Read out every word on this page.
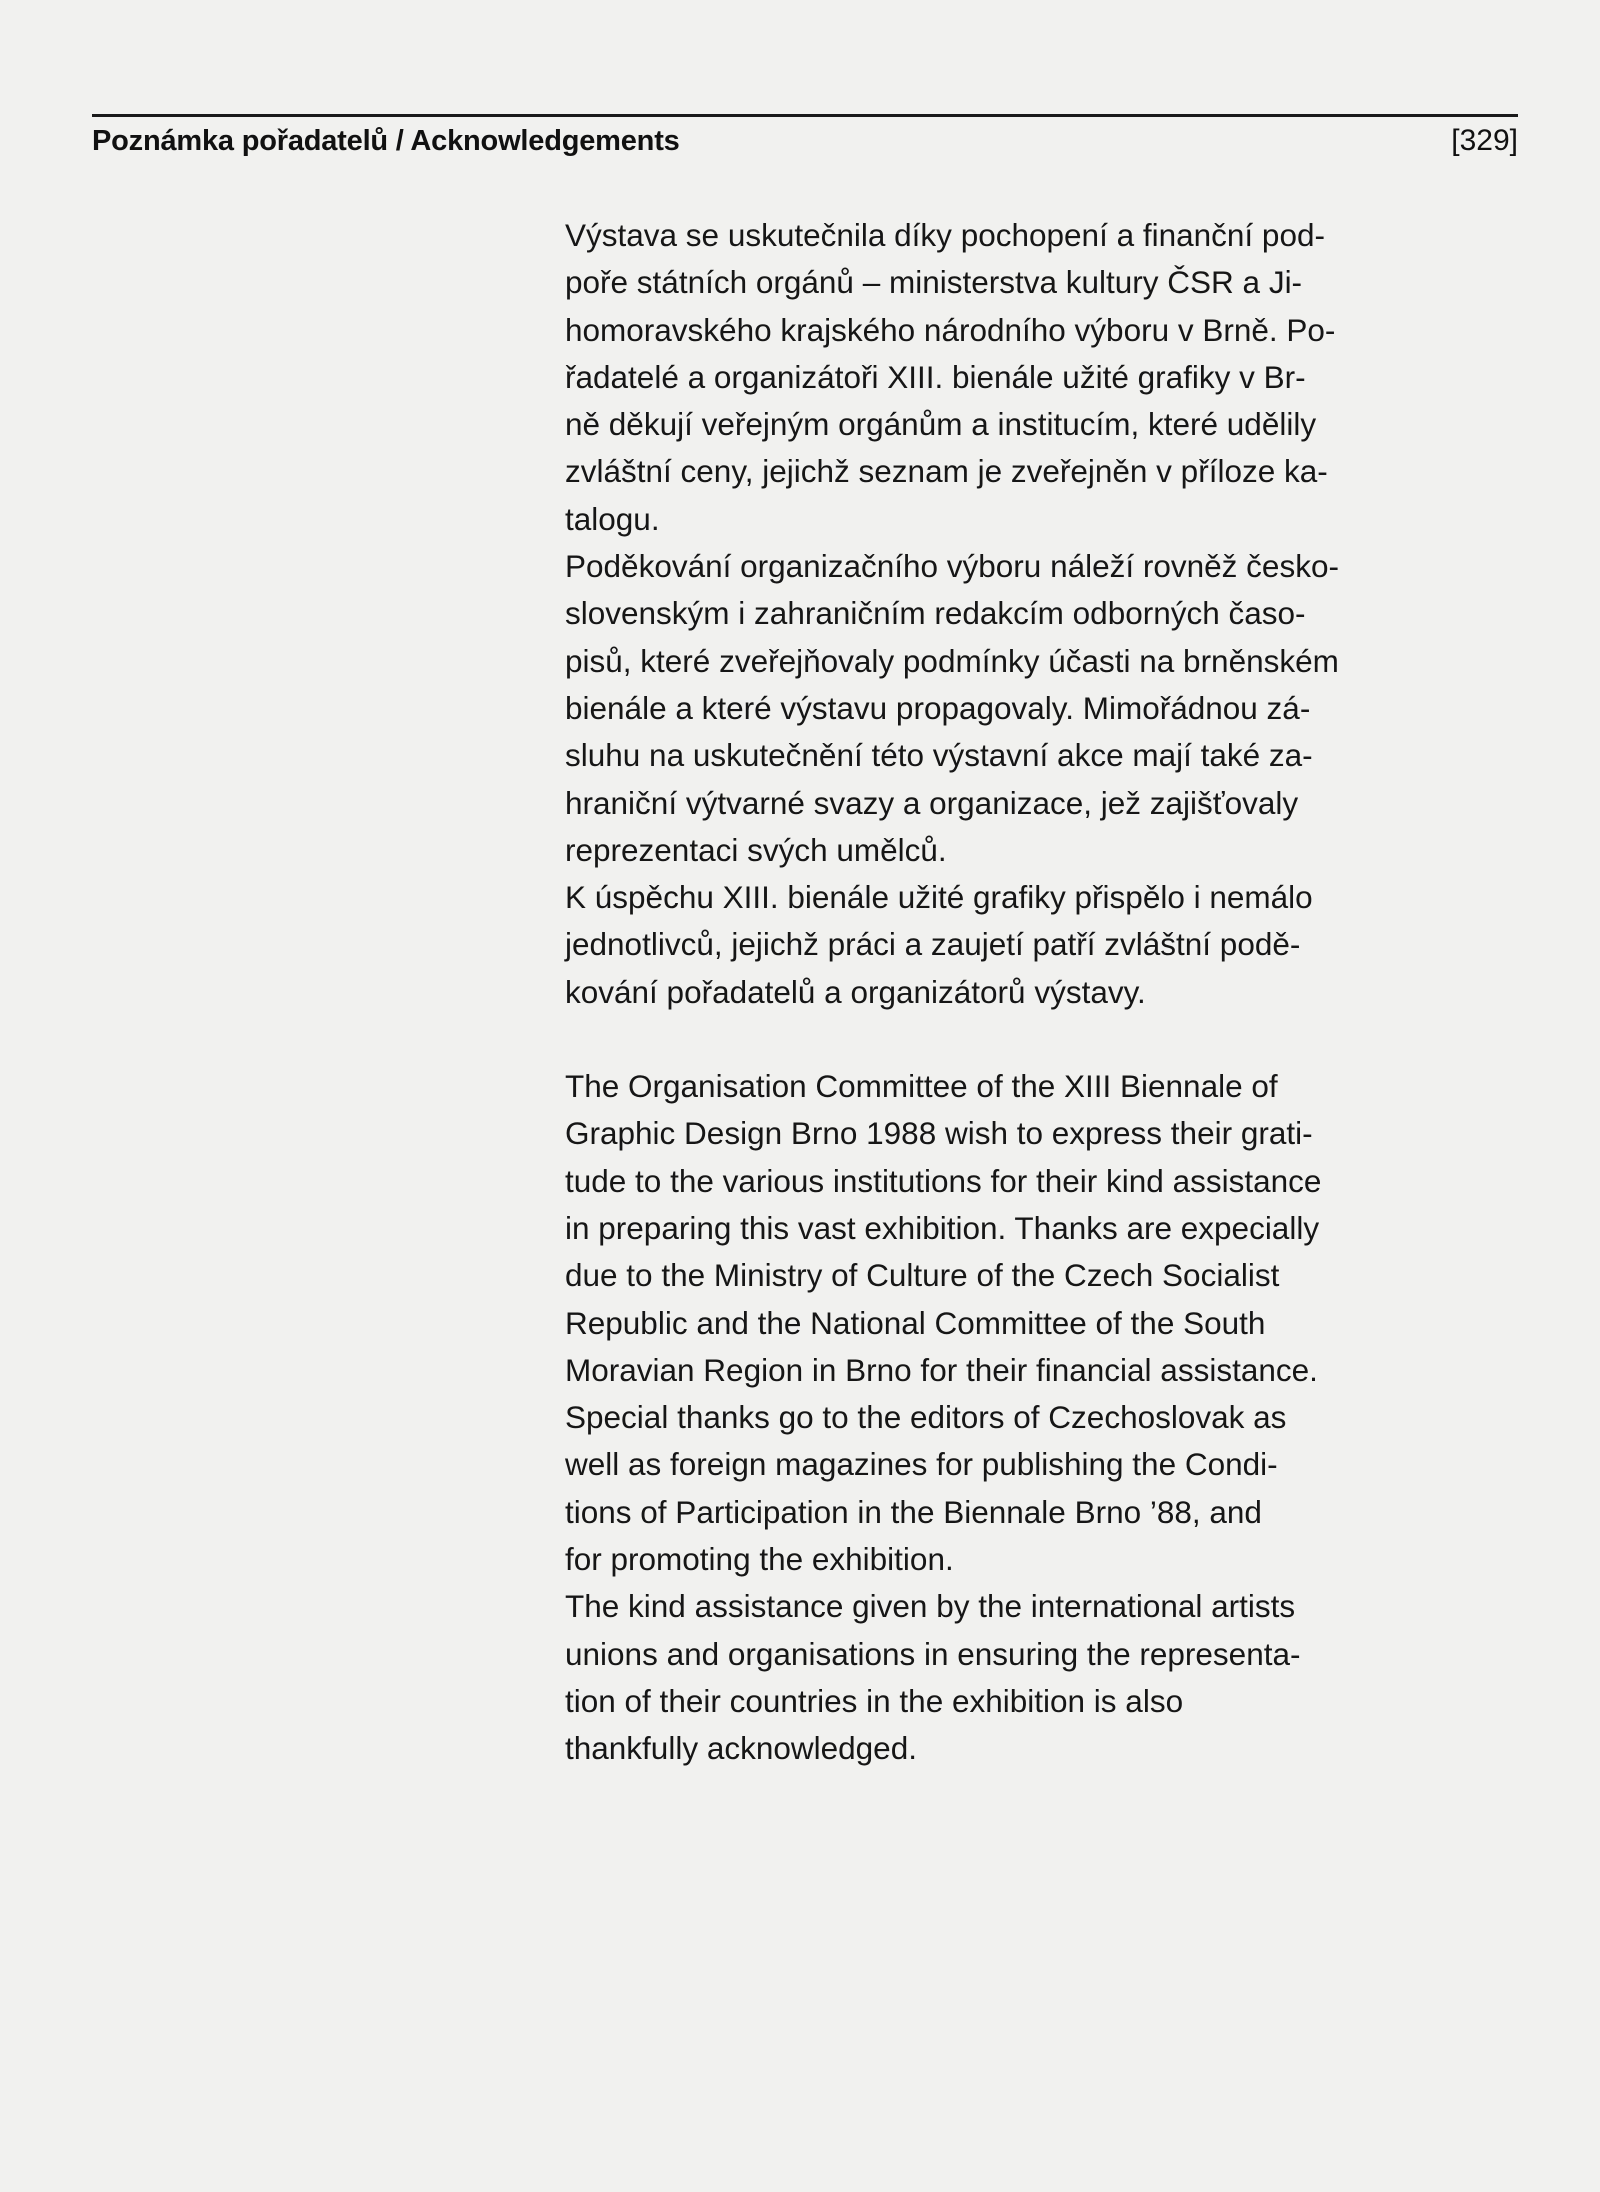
Poznámka pořadatelů / Acknowledgements	[329]

Výstava se uskutečnila díky pochopení a finanční pod-
poře státních orgánů – ministerstva kultury ČSR a Ji-
homoravského krajského národního výboru v Brně. Po-
řadatelé a organizátoři XIII. bienále užité grafiky v Br-
ně děkují veřejným orgánům a institucím, které udělily
zvláštní ceny, jejichž seznam je zveřejněn v příloze ka-
talogu.

Poděkování organizačního výboru náleží rovněž česko-
slovenským i zahraničním redakcím odborných časo-
pisů, které zveřejňovaly podmínky účasti na brněnském
bienále a které výstavu propagovaly. Mimořádnou zá-
sluhu na uskutečnění této výstavní akce mají také za-
hraniční výtvarné svazy a organizace, jež zajišťovaly
reprezentaci svých umělců.

K úspěchu XIII. bienále užité grafiky přispělo i nemálo
jednotlivců, jejichž práci a zaujetí patří zvláštní podě-
kování pořadatelů a organizátorů výstavy.

The Organisation Committee of the XIII Biennale of
Graphic Design Brno 1988 wish to express their grati-
tude to the various institutions for their kind assistance
in preparing this vast exhibition. Thanks are expecially
due to the Ministry of Culture of the Czech Socialist
Republic and the National Committee of the South
Moravian Region in Brno for their financial assistance.
Special thanks go to the editors of Czechoslovak as
well as foreign magazines for publishing the Condi-
tions of Participation in the Biennale Brno ’88, and
for promoting the exhibition.

The kind assistance given by the international artists
unions and organisations in ensuring the representa-
tion of their countries in the exhibition is also
thankfully acknowledged.
